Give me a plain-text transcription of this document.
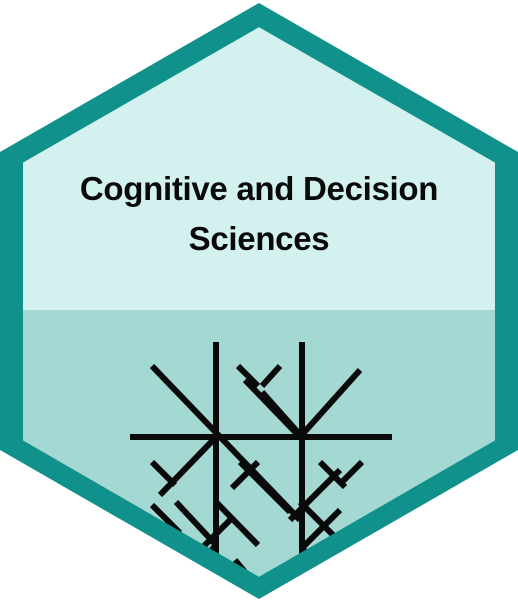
Cognitive and Decision
Sciences
